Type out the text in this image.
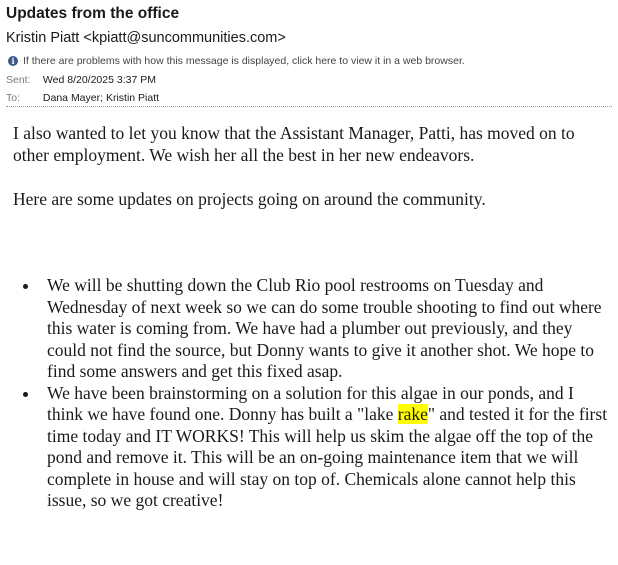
Updates from the office
Kristin Piatt <kpiatt@suncommunities.com>
i If there are problems with how this message is displayed, click here to view it in a web browser.
Sent: Wed 8/20/2025 3:37 PM
To: Dana Mayer; Kristin Piatt

I also wanted to let you know that the Assistant Manager, Patti, has moved on to other employment. We wish her all the best in her new endeavors.

Here are some updates on projects going on around the community.

We will be shutting down the Club Rio pool restrooms on Tuesday and Wednesday of next week so we can do some trouble shooting to find out where this water is coming from. We have had a plumber out previously, and they could not find the source, but Donny wants to give it another shot. We hope to find some answers and get this fixed asap.
We have been brainstorming on a solution for this algae in our ponds, and I think we have found one. Donny has built a "lake rake" and tested it for the first time today and IT WORKS! This will help us skim the algae off the top of the pond and remove it. This will be an on-going maintenance item that we will complete in house and will stay on top of. Chemicals alone cannot help this issue, so we got creative!
